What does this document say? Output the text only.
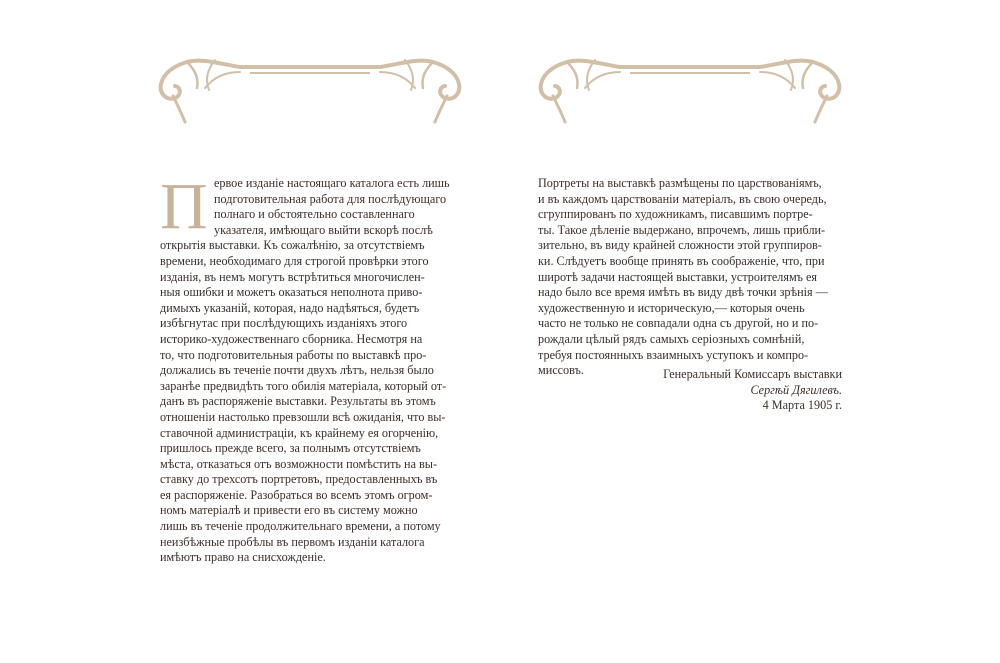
П ервое изданіе настоящаго каталога есть лишь
подготовительная работа для послѣдующаго
полнаго и обстоятельно составленнаго
указателя, имѣющаго выйти вскорѣ послѣ
открытія выставки. Къ сожалѣнію, за отсутствіемъ
времени, необходимаго для строгой провѣрки этого
изданія, въ немъ могутъ встрѣтиться многочислен-
ныя ошибки и можетъ оказаться неполнота приво-
димыхъ указаній, которая, надо надѣяться, будетъ
избѣгнутаc при послѣдующихъ изданіяхъ этого
историко-художественнаго сборника. Несмотря на
то, что подготовительныя работы по выставкѣ про-
должались въ теченіе почти двухъ лѣтъ, нельзя было
заранѣе предвидѣть того обилія матеріала, который от-
данъ въ распоряженіе выставки. Результаты въ этомъ
отношеніи настолько превзошли всѣ ожиданія, что вы-
ставочной администраціи, къ крайнему ея огорченію,
пришлось прежде всего, за полнымъ отсутствіемъ
мѣста, отказаться отъ возможности помѣстить на вы-
ставку до трехсотъ портретовъ, предоставленныхъ въ
ея распоряженіе. Разобраться во всемъ этомъ огром-
номъ матеріалѣ и привести его въ систему можно
лишь въ теченіе продолжительнаго времени, а потому
неизбѣжные пробѣлы въ первомъ изданіи каталога
имѣютъ право на снисхожденіе.
Портреты на выставкѣ размѣщены по царствованіямъ,
и въ каждомъ царствованіи матеріалъ, въ свою очередь,
сгруппированъ по художникамъ, писавшимъ портре-
ты. Такое дѣленіе выдержано, впрочемъ, лишь прибли-
зительно, въ виду крайней сложности этой группиров-
ки. Слѣдуетъ вообще принять въ соображеніе, что, при
широтѣ задачи настоящей выставки, устроителямъ ея
надо было все время имѣть въ виду двѣ точки зрѣнія —
художественную и историческую,— которыя очень
часто не только не совпадали одна съ другой, но и по-
рождали цѣлый рядъ самыхъ серіозныхъ сомнѣній,
требуя постоянныхъ взаимныхъ уступокъ и компро-
миссовъ.	Генеральный Комиссаръ выставки
Сергѣй Дягилевъ.
4 Марта 1905 г.
